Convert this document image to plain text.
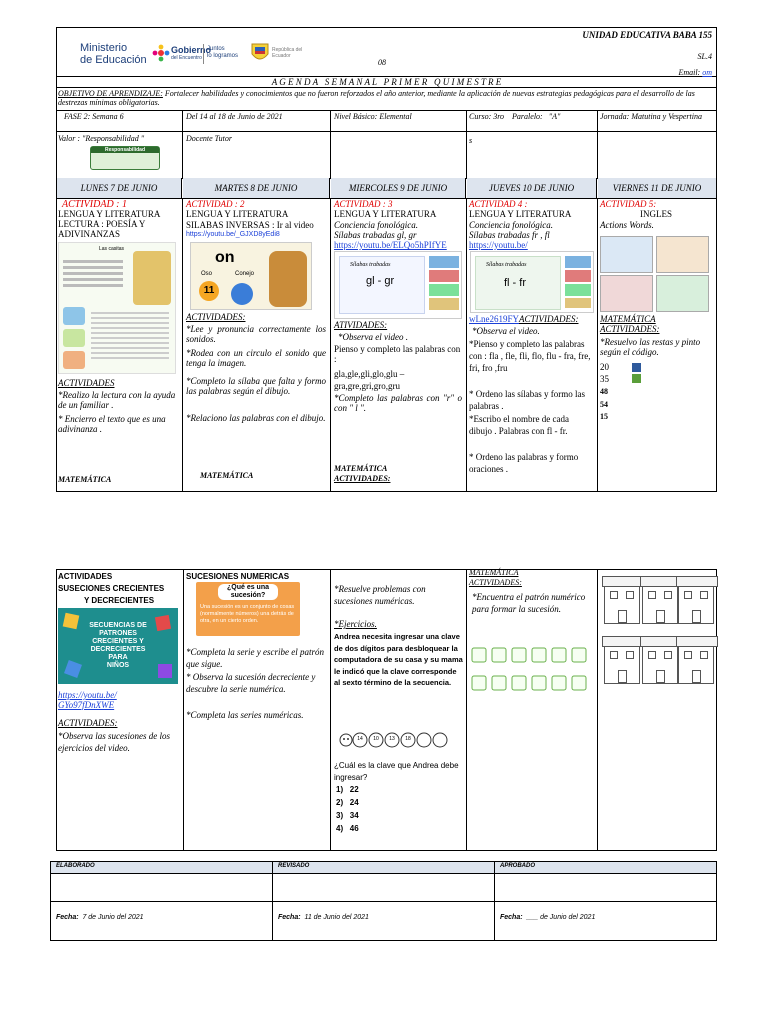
UNIDAD EDUCATIVA BABA 155
SL.4
08
Email: om
Ministerio
de Educación
Gobierno
del Encuentro
Juntos
lo logramos
República del Ecuador
A G E N D A   S E M A N A L   P R I M E R   Q U I M E S T R E
OBJETIVO DE APRENDIZAJE: Fortalecer habilidades y conocimientos que no fueron reforzados el año anterior, mediante la aplicación de nuevas estrategias pedagógicas para el desarrollo de las destrezas mínimas obligatorias.
FASE 2: Semana 6	Del 14 al 18 de Junio de 2021	Nivel Básico: Elemental	Curso: 3ro    Paralelo:   "A"	Jornada: Matutina y Vespertina
Valor : "Responsabilidad "
Responsabilidad
Docente Tutor	s
LUNES 7 DE JUNIO	MARTES 8 DE JUNIO	MIERCOLES 9 DE JUNIO	JUEVES 10 DE JUNIO	VIERNES 11 DE JUNIO
ACTIVIDAD : 1
LENGUA Y LITERATURA
LECTURA : POESÍA Y ADIVINANZAS
Las casitas
ACTIVIDADES
*Realizo la lectura con la ayuda de un familiar .
* Encierro el texto que es una adivinanza .
MATEMÁTICA
ACTIVIDAD : 2
LENGUA Y LITERATURA
SILABAS INVERSAS : Ir al video
https://youtu.be/_GJXD8yEdi8
on
Oso	Conejo
11
ACTIVIDADES:
*Lee y pronuncia correctamente los sonidos.
*Rodea con un circulo el sonido que tenga la imagen.
*Completo la sílaba que falta y formo las palabras según el dibujo.
*Relaciono las palabras con el dibujo.
MATEMÁTICA
ACTIVIDAD : 3
LENGUA Y LITERATURA
Conciencia fonológica.
Sílabas trabadas gl, gr
https://youtu.be/ELQo5hPIfYE
Sílabas trabadas
gl - gr
ATIVIDADES:
*Observa el video .
Pienso y completo las palabras con :
gla,gle,gli,glo,glu –
gra,gre,gri,gro,gru
*Completo las palabras con "r" o con " l ".
MATEMÁTICA
ACTIVIDADES:
ACTIVIDAD 4 :
LENGUA Y LITERATURA
Conciencia fonológica.
Sílabas trabadas fr , fl
https://youtu.be/
Sílabas trabadas
fl - fr
wLne2619FYACTIVIDADES:
*Observa el video.
*Pienso y completo las palabras con : fla , fle, fli, flo, flu - fra, fre, fri, fro ,fru
* Ordeno las sílabas y formo las palabras .
*Escribo el nombre de cada dibujo . Palabras con fl - fr.
* Ordeno las palabras y formo oraciones .
ACTIVIDAD 5:
INGLES
Actions Words.
MATEMÁTICA
ACTIVIDADES:
*Resuelvo las restas y pinto según el código.
20
35
48
54
15
ACTIVIDADES
SUSECIONES CRECIENTES
Y DECRECIENTES
SECUENCIAS DE
PATRONES
CRECIENTES Y
DECRECIENTES PARA
NIÑOS
https://youtu.be/
GYo97fDnXWE
ACTIVIDADES:
*Observa las sucesiones de los ejercicios del video.
SUCESIONES NUMERICAS
¿Qué es una
sucesión?
Una sucesión es un conjunto de cosas (normalmente números) una detrás de otra, en un cierto orden.
*Completa la serie y escribe el patrón que sigue.
* Observa la sucesión decreciente y descubre la serie numérica.
*Completa las series numéricas.
*Resuelve problemas con sucesiones numéricas.
*Ejercicios.
Andrea necesita ingresar una clave de dos dígitos para desbloquear la computadora de su casa y su mama le indicó que la clave corresponde al sexto término de la secuencia.
14	10	13	18
¿Cuál es la clave que Andrea debe ingresar?
1)   22
2)   24
3)   34
4)   46
MATEMÁTICA
ACTIVIDADES:
*Encuentra el patrón numérico para formar la sucesión.
ELABORADO	REVISADO	APROBADO
Fecha: 7 de Junio del 2021	Fecha: 11 de Junio del 2021	Fecha: ___ de Junio del 2021
